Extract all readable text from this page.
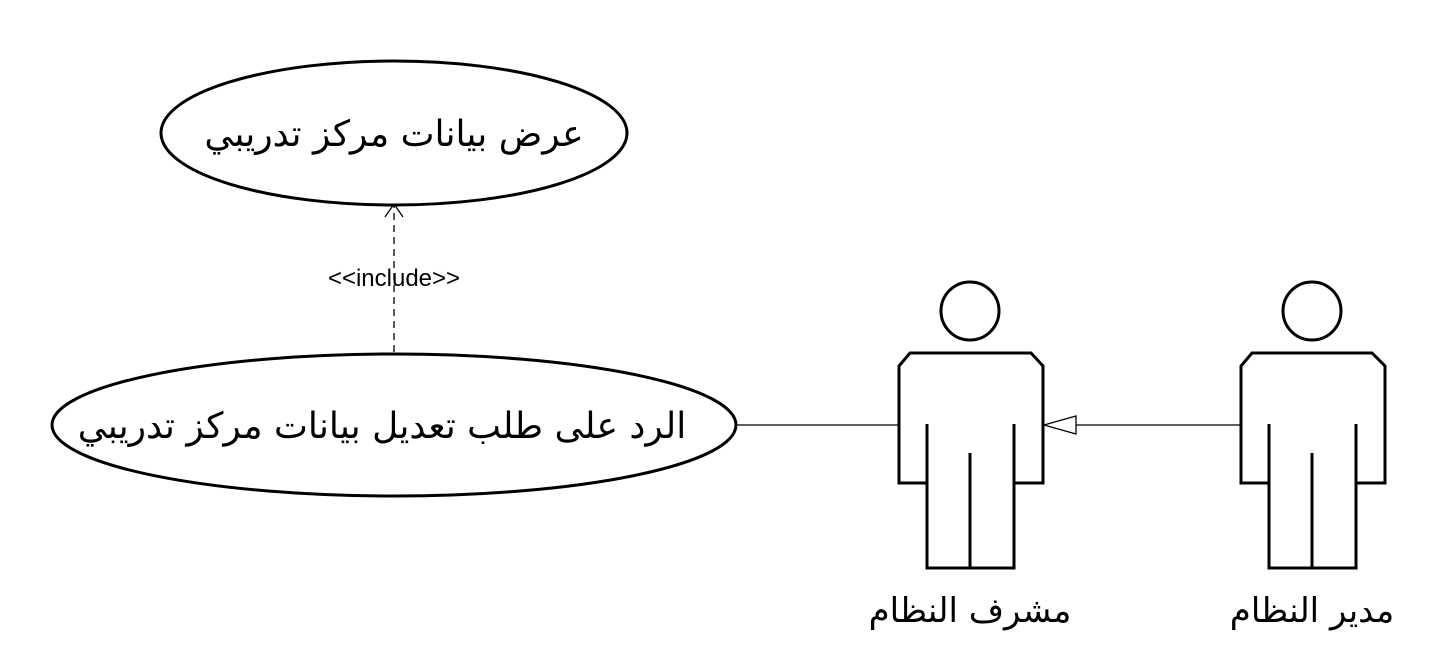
<<include>>
عرض بيانات مركز تدريبي
الرد على طلب تعديل بيانات مركز تدريبي
مشرف النظام	مدير النظام
